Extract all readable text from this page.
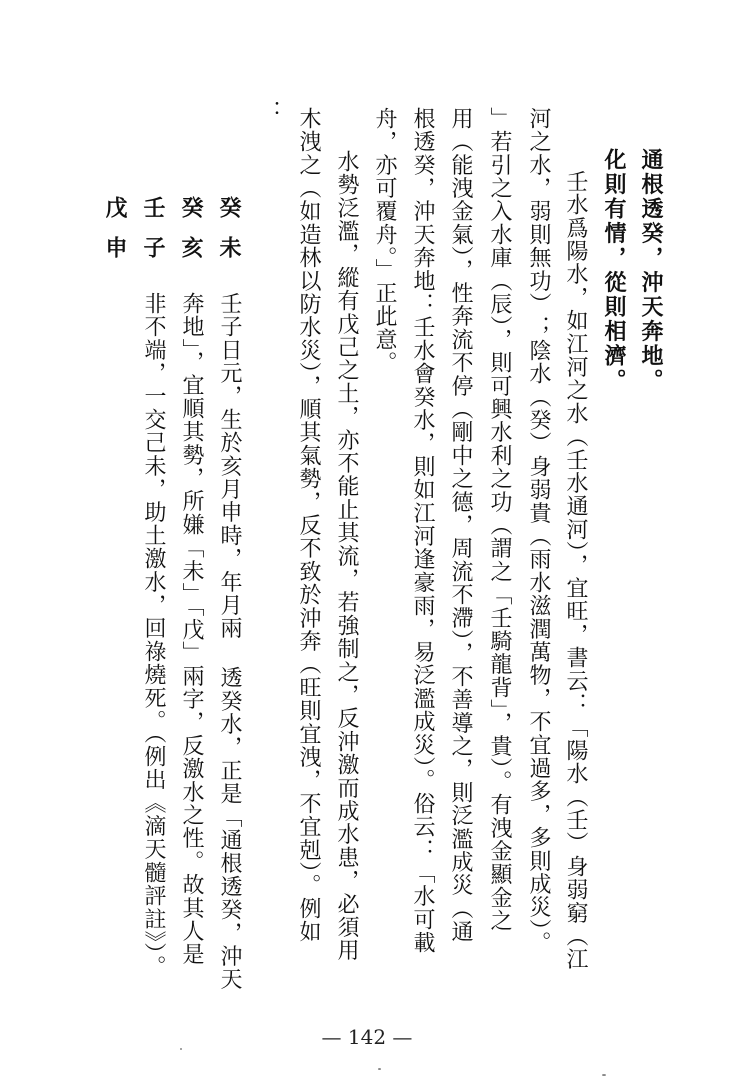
通根透癸，沖天奔地。
化則有情，從則相濟。
壬水爲陽水，如江河之水（壬水通河），宜旺，書云：「陽水（壬）身弱窮（江
河之水，弱則無功）；陰水（癸）身弱貴（雨水滋潤萬物，不宜過多，多則成災）。
」若引之入水庫（辰），則可興水利之功（謂之「壬騎龍背」，貴）。有洩金顯金之
用（能洩金氣），性奔流不停（剛中之德，周流不滯），不善導之，則泛濫成災（通
根透癸，沖天奔地：壬水會癸水，則如江河逢豪雨，易泛濫成災）。俗云：「水可載
舟，亦可覆舟。」正此意。
水勢泛濫，縱有戊己之土，亦不能止其流，若強制之，反沖激而成水患，必須用
木洩之（如造林以防水災），順其氣勢，反不致於沖奔（旺則宜洩，不宜剋）。例如
：
癸未
癸亥
壬子
戊申
壬子日元，生於亥月申時，年月兩 透癸水，正是「通根透癸，沖天
奔地」，宜順其勢，所嫌「未」「戊」兩字，反激水之性。故其人是
非不端，一交己未，助土激水，回祿燒死。（例出《滴天髓評註》）。
— 142 —
